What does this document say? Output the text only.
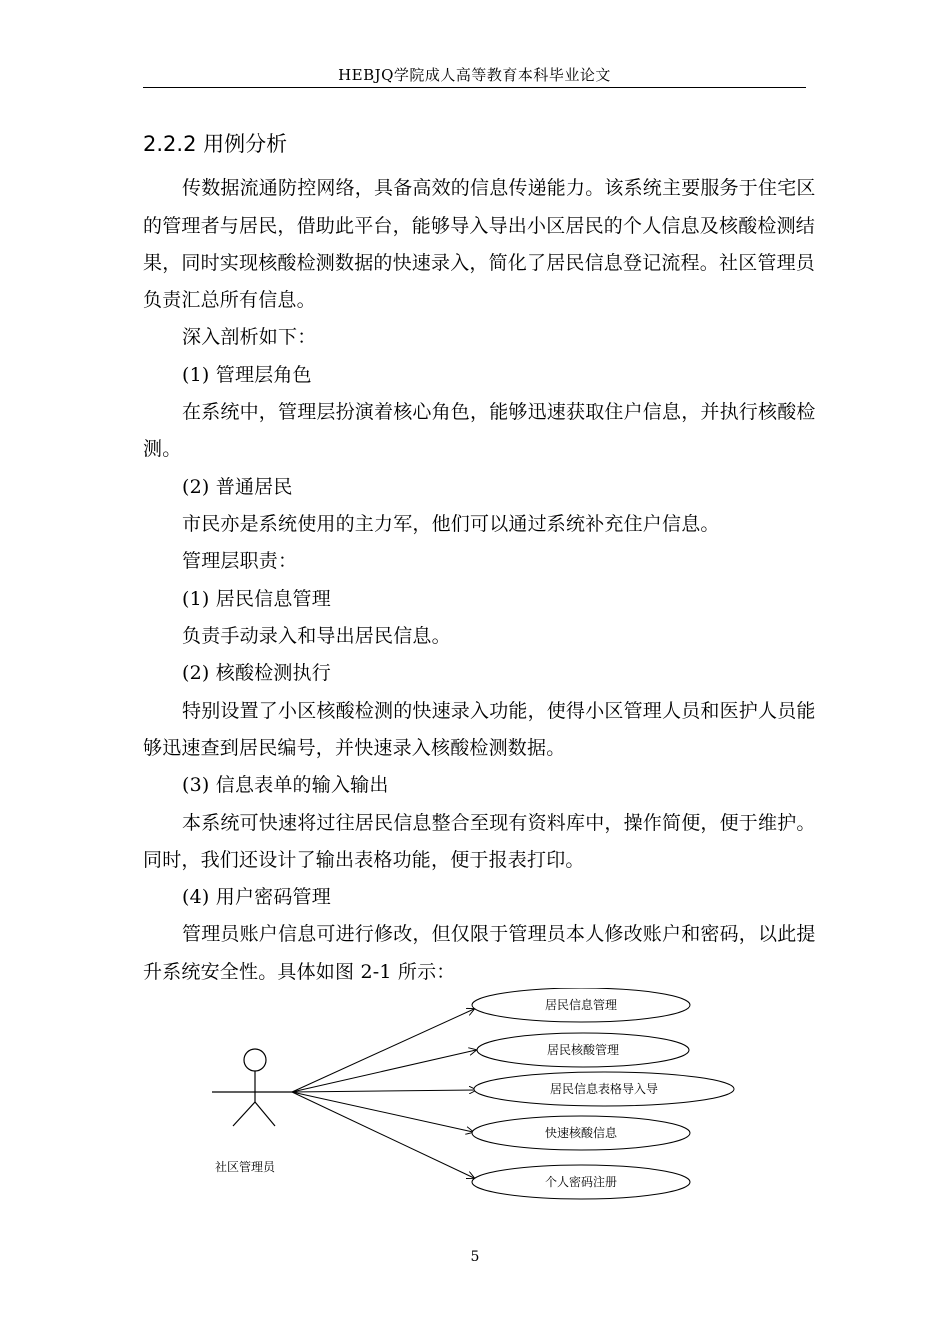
HEBJQ学院成人高等教育本科毕业论文
2.2.2 用例分析
传数据流通防控网络，具备高效的信息传递能力。该系统主要服务于住宅区
的管理者与居民，借助此平台，能够导入导出小区居民的个人信息及核酸检测结
果，同时实现核酸检测数据的快速录入，简化了居民信息登记流程。社区管理员
负责汇总所有信息。
深入剖析如下：
(1) 管理层角色
在系统中，管理层扮演着核心角色，能够迅速获取住户信息，并执行核酸检
测。
(2) 普通居民
市民亦是系统使用的主力军，他们可以通过系统补充住户信息。
管理层职责：
(1) 居民信息管理
负责手动录入和导出居民信息。
(2) 核酸检测执行
特别设置了小区核酸检测的快速录入功能，使得小区管理人员和医护人员能
够迅速查到居民编号，并快速录入核酸检测数据。
(3) 信息表单的输入输出
本系统可快速将过往居民信息整合至现有资料库中，操作简便，便于维护。
同时，我们还设计了输出表格功能，便于报表打印。
(4) 用户密码管理
管理员账户信息可进行修改，但仅限于管理员本人修改账户和密码，以此提
升系统安全性。具体如图 2-1 所示：
社区管理员
居民信息管理
居民核酸管理
居民信息表格导入导
快速核酸信息
个人密码注册
5
